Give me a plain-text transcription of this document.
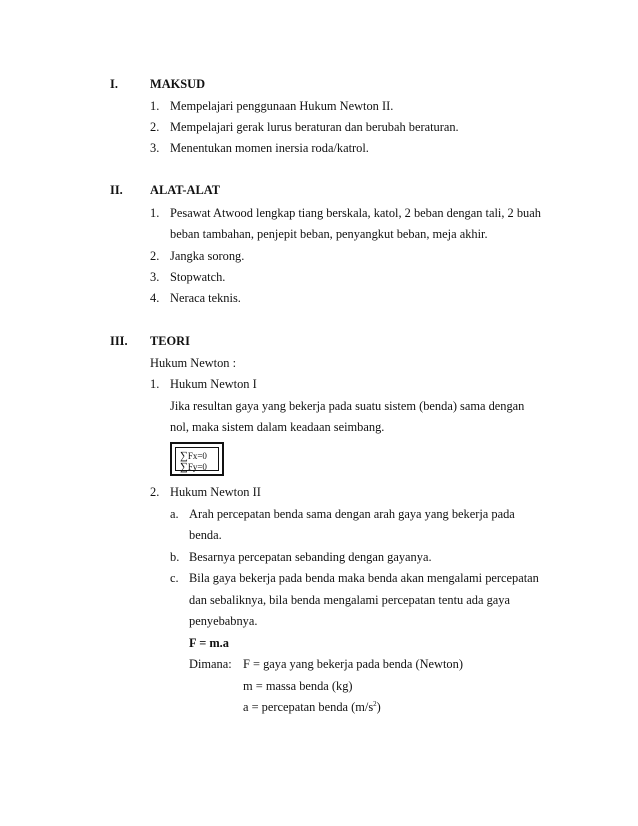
I.	MAKSUD
1. Mempelajari penggunaan Hukum Newton II.
2. Mempelajari gerak lurus beraturan dan berubah beraturan.
3. Menentukan momen inersia roda/katrol.
II. ALAT-ALAT
1. Pesawat Atwood lengkap tiang berskala, katol, 2 beban dengan tali, 2 buah
beban tambahan, penjepit beban, penyangkut beban, meja akhir.
2. Jangka sorong.
3. Stopwatch.
4. Neraca teknis.
III. TEORI
Hukum Newton :
1. Hukum Newton I
Jika resultan gaya yang bekerja pada suatu sistem (benda) sama dengan
nol, maka sistem dalam keadaan seimbang.
∑Fx=0
∑Fy=0
2. Hukum Newton II
a. Arah percepatan benda sama dengan arah gaya yang bekerja pada
benda.
b. Besarnya percepatan sebanding dengan gayanya.
c. Bila gaya bekerja pada benda maka benda akan mengalami percepatan
dan sebaliknya, bila benda mengalami percepatan tentu ada gaya
penyebabnya.
F = m.a
Dimana: F = gaya yang bekerja pada benda (Newton)
m = massa benda (kg)
a = percepatan benda $(m/s^2)$
